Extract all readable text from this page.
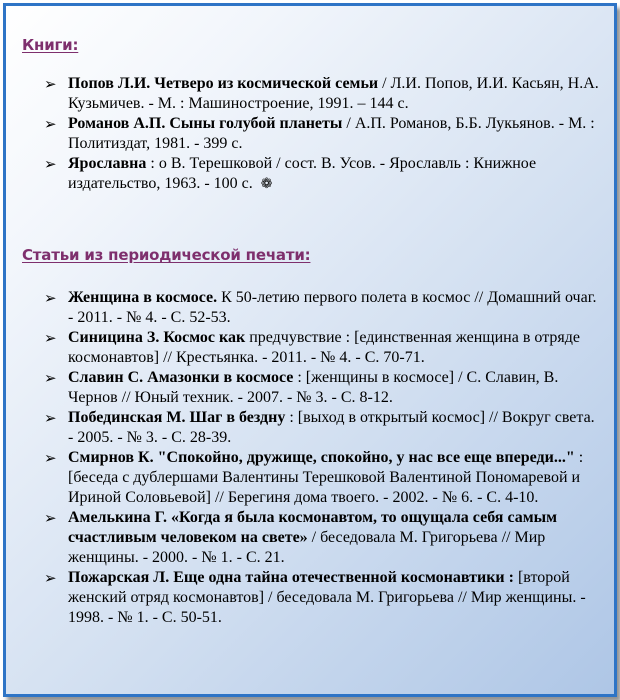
Книги:
➢ Попов Л.И. Четверо из космической семьи / Л.И. Попов, И.И. Касьян, Н.А. Кузьмичев. - М. : Машиностроение, 1991. – 144 с.
➢ Романов А.П. Сыны голубой планеты / А.П. Романов, Б.Б. Лукьянов. - М. : Политиздат, 1981. - 399 с.
➢ Ярославна : о В. Терешковой / сост. В. Усов. - Ярославль : Книжное издательство, 1963. - 100 с. ❁
Статьи из периодической печати:
➢ Женщина в космосе. К 50-летию первого полета в космос // Домашний очаг. - 2011. - № 4. - С. 52-53.
➢ Синицина З. Космос как предчувствие : [единственная женщина в отряде космонавтов] // Крестьянка. - 2011. - № 4. - С. 70-71.
➢ Славин С. Амазонки в космосе : [женщины в космосе] / С. Славин, В. Чернов // Юный техник. - 2007. - № 3. - С. 8-12.
➢ Побединская М. Шаг в бездну : [выход в открытый космос] // Вокруг света. - 2005. - № 3. - С. 28-39.
➢ Смирнов К. "Спокойно, дружище, спокойно, у нас все еще впереди..." : [беседа с дублершами Валентины Терешковой Валентиной Пономаревой и Ириной Соловьевой] // Берегиня дома твоего. - 2002. - № 6. - С. 4-10.
➢ Амелькина Г. «Когда я была космонавтом, то ощущала себя самым счастливым человеком на свете» / беседовала М. Григорьева // Мир женщины. - 2000. - № 1. - С. 21.
➢ Пожарская Л. Еще одна тайна отечественной космонавтики : [второй женский отряд космонавтов] / беседовала М. Григорьева // Мир женщины. - 1998. - № 1. - С. 50-51.
